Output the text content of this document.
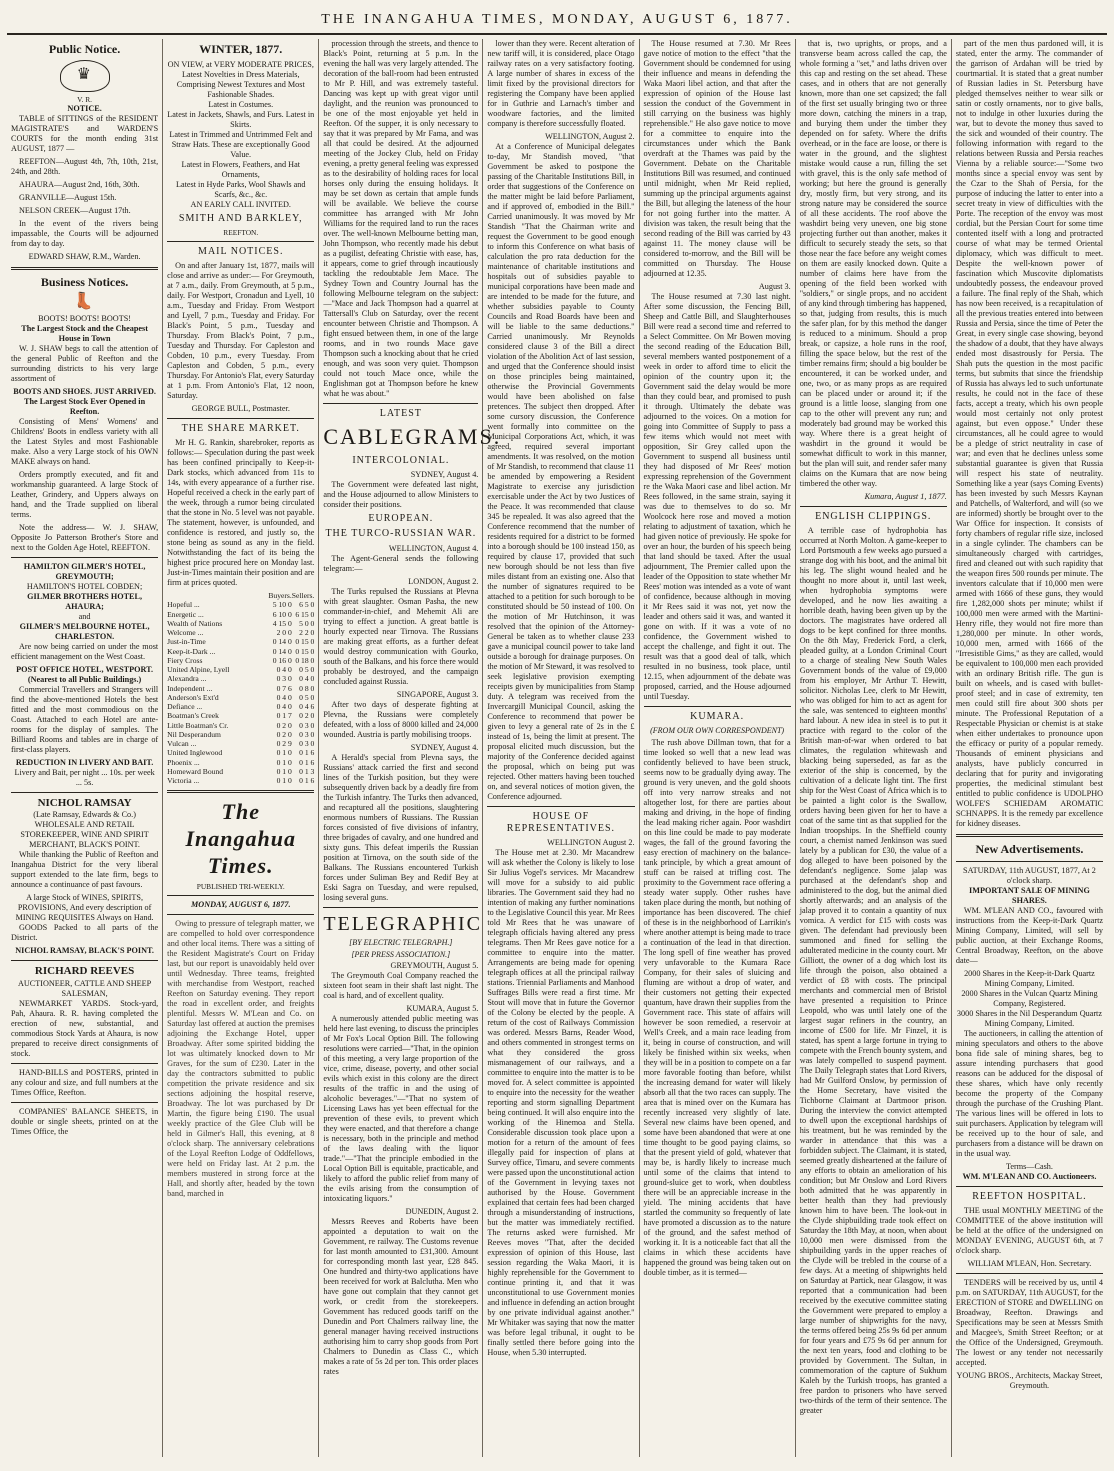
THE INANGAHUA TIMES, MONDAY, AUGUST 6, 1877.
Public Notice.
♛
V. R.
NOTICE.
TABLE of SITTINGS of the RESIDENT MAGISTRATE'S and WARDEN'S COURTS for the month ending 31st AUGUST, 1877 —
REEFTON—August 4th, 7th, 10th, 21st, 24th, and 28th.
AHAURA—August 2nd, 16th, 30th.
GRANVILLE—August 15th.
NELSON CREEK—August 17th.
In the event of the rivers being impassable, the Courts will be adjourned from day to day.
EDWARD SHAW, R.M., Warden.
Business Notices.
👢
BOOTS! BOOTS! BOOTS!
The Largest Stock and the Cheapest House in Town
W. J. SHAW begs to call the attention of the general Public of Reefton and the surrounding districts to his very large assortment of
BOOTS AND SHOES. JUST ARRIVED.
The Largest Stock Ever Opened in Reefton.
Consisting of Mens' Womens' and Childrens' Boots in endless variety with all the Latest Styles and most Fashionable make. Also a very Large stock of his OWN MAKE always on hand.
Orders promptly executed, and fit and workmanship guaranteed. A large Stock of Leather, Grindery, and Uppers always on hand, and the Trade supplied on liberal terms.
Note the address— W. J. SHAW, Opposite Jo Patterson Brother's Store and next to the Golden Age Hotel, REEFTON.
HAMILTON GILMER'S HOTEL, GREYMOUTH;
HAMILTON'S HOTEL COBDEN;
GILMER BROTHERS HOTEL, AHAURA;
and
GILMER'S MELBOURNE HOTEL, CHARLESTON.
Are now being carried on under the most efficient management on the West Coast.
POST OFFICE HOTEL, WESTPORT. (Nearest to all Public Buildings.)
Commercial Travellers and Strangers will find the above-mentioned Hotels the best fitted and the most commodious on the Coast. Attached to each Hotel are ante-rooms for the display of samples. The Billiard Rooms and tables are in charge of first-class players.
REDUCTION IN LIVERY AND BAIT.
Livery and Bait, per night ... 10s. per week ... 5s.
NICHOL RAMSAY
(Late Ramsay, Edwards & Co.) WHOLESALE AND RETAIL STOREKEEPER, WINE AND SPIRIT MERCHANT, BLACK'S POINT.
While thanking the Public of Reefton and Inangahua District for the very liberal support extended to the late firm, begs to announce a continuance of past favours.
A large Stock of WINES, SPIRITS, PROVISIONS, And every description of MINING REQUISITES Always on Hand.
GOODS Packed to all parts of the District.
NICHOL RAMSAY, BLACK'S POINT.
RICHARD REEVES
AUCTIONEER, CATTLE AND SHEEP SALESMAN,
NEWMARKET YARDS. Stock-yard, Pah, Ahaura. R. R. having completed the erection of new, substantial, and commodious Stock Yards at Ahaura, is now prepared to receive direct consignments of stock.
HAND-BILLS and POSTERS, printed in any colour and size, and full numbers at the Times Office, Reefton.
COMPANIES' BALANCE SHEETS, in double or single sheets, printed on at the Times Office, the
WINTER, 1877.
ON VIEW, at VERY MODERATE PRICES,
Latest Novelties in Dress Materials, Comprising Newest Textures and Most Fashionable Shades.
Latest in Costumes.
Latest in Jackets, Shawls, and Furs. Latest in Skirts.
Latest in Trimmed and Untrimmed Felt and Straw Hats. These are exceptionally Good Value.
Latest in Flowers, Feathers, and Hat Ornaments,
Latest in Hyde Parks, Wool Shawls and Scarfs, &c., &c.
AN EARLY CALL INVITED.
SMITH AND BARKLEY,
REEFTON.
MAIL NOTICES.
On and after January 1st, 1877, mails will close and arrive as under:— For Greymouth, at 7 a.m., daily. From Greymouth, at 5 p.m., daily. For Westport, Cronadun and Lyell, 10 a.m., Tuesday and Friday. From Westport and Lyell, 7 p.m., Tuesday and Friday. For Black's Point, 5 p.m., Tuesday and Thursday. From Black's Point, 7 p.m., Tuesday and Thursday. For Capleston and Cobden, 10 p.m., every Tuesday. From Capleston and Cobden, 5 p.m., every Thursday. For Antonio's Flat, every Saturday at 1 p.m. From Antonio's Flat, 12 noon, Saturday.
GEORGE BULL, Postmaster.
THE SHARE MARKET.
Mr H. G. Rankin, sharebroker, reports as follows:— Speculation during the past week has been confined principally to Keep-it-Dark stocks, which advanced from 11s to 14s, with every appearance of a further rise. Hopeful received a check in the early part of the week, through a rumor being circulated that the stone in No. 5 level was not payable. The statement, however, is unfounded, and confidence is restored, and justly so, the stone being as sound as any in the field. Notwithstanding the fact of its being the highest price procured here on Monday last. Just-in-Times maintain their position and are firm at prices quoted.
	Buyers.	Sellers.
Hopeful ...	5 10 0	6 5 0
Energetic ...	6 10 0	6 15 0
Wealth of Nations	4 15 0	5 0 0
Welcome ...	2 0 0	2 2 0
Just-in-Time	0 14 0	0 15 0
Keep-it-Dark ...	0 14 0	0 15 0
Fiery Cross	0 16 0	0 18 0
United Alpine, Lyell	0 4 0	0 5 0
Alexandra ...	0 3 0	0 4 0
Independent ...	0 7 6	0 8 0
Anderson's Ext'd	0 4 0	0 5 0
Defiance ...	0 4 0	0 4 6
Boatman's Creek	0 1 7	0 2 0
Little Boatman's Cr.	0 2 0	0 3 0
Nil Desperandum	0 2 0	0 3 0
Vulcan ...	0 2 9	0 3 0
United Inglewood	0 1 0	0 1 6
Phoenix ...	0 1 0	0 1 6
Homeward Bound	0 1 0	0 1 3
Victoria ...	0 1 0	0 1 6
The Inangahua Times.
PUBLISHED TRI-WEEKLY.
MONDAY, AUGUST 6, 1877.
Owing to pressure of telegraph matter, we are compelled to hold over correspondence and other local items. There was a sitting of the Resident Magistrate's Court on Friday last, but our report is unavoidably held over until Wednesday. Three teams, freighted with merchandise from Westport, reached Reefton on Saturday evening. They report the road in excellent order, and freights plentiful. Messrs W. M'Lean and Co. on Saturday last offered at auction the premises adjoining the Exchange Hotel, upper Broadway. After some spirited bidding the lot was ultimately knocked down to Mr Graves, for the sum of £230. Later in the day the contractors submitted to public competition the private residence and six sections adjoining the hospital reserve, Broadway. The lot was purchased by Dr Martin, the figure being £190. The usual weekly practice of the Glee Club will be held in Gilmer's Hall, this evening, at 8 o'clock sharp. The anniversary celebrations of the Loyal Reefton Lodge of Oddfellows, were held on Friday last. At 2 p.m. the members mustered in strong force at the Hall, and shortly after, headed by the town band, marched in
procession through the streets, and thence to Black's Point, returning at 5 p.m. In the evening the hall was very largely attended. The decoration of the ball-room had been entrusted to Mr P. Hill, and was extremely tasteful. Dancing was kept up with great vigor until daylight, and the reunion was pronounced to be one of the most enjoyable yet held in Reefton. Of the supper, it is only necessary to say that it was prepared by Mr Fama, and was all that could be desired. At the adjourned meeting of the Jockey Club, held on Friday evening, a pretty general feeling was expressed as to the desirability of holding races for local horses only during the ensuing holidays. It may be set down as certain that ample funds will be available. We believe the course committee has arranged with Mr John Williams for the required land to run the races over. The well-known Melbourne betting man, John Thompson, who recently made his debut as a pugilist, defeating Christie with ease, has, it appears, come to grief through incautiously tackling the redoubtable Jem Mace. The Sydney Town and Country Journal has the following Melbourne telegram on the subject:—"Mace and Jack Thompson had a quarrel at Tattersall's Club on Saturday, over the recent encounter between Christie and Thompson. A fight ensued between them, in one of the large rooms, and in two rounds Mace gave Thompson such a knocking about that he cried enough, and was soon very quiet. Thompson could not touch Mace once, while the Englishman got at Thompson before he knew what he was about."
LATEST
CABLEGRAMS.
INTERCOLONIAL.
SYDNEY, August 4.
The Government were defeated last night, and the House adjourned to allow Ministers to consider their positions.
EUROPEAN.
THE TURCO-RUSSIAN WAR.
WELLINGTON, August 4.
The Agent-General sends the following telegram:—
LONDON, August 2.
The Turks repulsed the Russians at Plevna with great slaughter. Osman Pasha, the new commander-in-chief, and Mehemit Ali are trying to effect a junction. A great battle is hourly expected near Tirnova. The Russians are making great efforts, as a further defeat would destroy communication with Gourko, south of the Balkans, and his force there would probably be destroyed, and the campaign concluded against Russia.
SINGAPORE, August 3.
After two days of desperate fighting at Plevna, the Russians were completely defeated, with a loss of 8000 killed and 24,000 wounded. Austria is partly mobilising troops.
SYDNEY, August 4.
A Herald's special from Plevna says, the Russians' attack carried the first and second lines of the Turkish position, but they were subsequently driven back by a deadly fire from the Turkish infantry. The Turks then advanced, and recaptured all the positions, slaughtering enormous numbers of Russians. The Russian forces consisted of five divisions of infantry, three brigades of cavalry, and one hundred and sixty guns. This defeat imperils the Russian position at Tirnova, on the south side of the Balkans. The Russians encountered Turkish forces under Suliman Bey and Redif Bey at Eski Sagra on Tuesday, and were repulsed, losing several guns.
TELEGRAPHIC
[BY ELECTRIC TELEGRAPH.]
[PER PRESS ASSOCIATION.]
GREYMOUTH, August 5.
The Greymouth Coal Company reached the sixteen foot seam in their shaft last night. The coal is hard, and of excellent quality.
KUMARA, August 5.
A numerously attended public meeting was held here last evening, to discuss the principles of Mr Fox's Local Option Bill. The following resolutions were carried—"That, in the opinion of this meeting, a very large proportion of the vice, crime, disease, poverty, and other social evils which exist in this colony are the direct results of the traffic in and the using of alcoholic beverages."—"That no system of Licensing Laws has yet been effectual for the prevention of these evils, to prevent which they were enacted, and that therefore a change is necessary, both in the principle and method of the laws dealing with the liquor trade."—"That the principle embodied in the Local Option Bill is equitable, practicable, and likely to afford the public relief from many of the evils arising from the consumption of intoxicating liquors."
DUNEDIN, August 2.
Messrs Reeves and Roberts have been appointed a deputation to wait on the Government, re railway. The Customs revenue for last month amounted to £31,300. Amount for corresponding month last year, £28 845. One hundred and thirty-two applications have been received for work at Balclutha. Men who have gone out complain that they cannot get work, or credit from the storekeepers. Government has reduced goods tariff on the Dunedin and Port Chalmers railway line, the general manager having received instructions authorising him to carry shop goods from Port Chalmers to Dunedin as Class C., which makes a rate of 5s 2d per ton. This order places rates
lower than they were. Recent alteration of new tariff will, it is considered, place Otago railway rates on a very satisfactory footing. A large number of shares in excess of the limit fixed by the provisional directors for registering the Company have been applied for in Guthrie and Larnach's timber and woodware factories, and the limited company is therefore successfully floated.
WELLINGTON, August 2.
At a Conference of Municipal delegates to-day, Mr Standish moved, "that Government be asked to postpone the passing of the Charitable Institutions Bill, in order that suggestions of the Conference on the matter might be laid before Parliament, and if approved of, embodied in the Bill." Carried unanimously. It was moved by Mr Standish "That the Chairman write and request the Government to be good enough to inform this Conference on what basis of calculation the pro rata deduction for the maintenance of charitable institutions and hospitals out of subsidies payable to municipal corporations have been made and are intended to be made for the future, and whether subsidies payable to County Councils and Road Boards have been and will be liable to the same deductions." Carried unanimously. Mr Reynolds considered clause 3 of the Bill a direct violation of the Abolition Act of last session, and urged that the Conference should insist on those principles being maintained, otherwise the Provincial Governments would have been abolished on false pretences. The subject then dropped. After some cursory discussion, the Conference went formally into committee on the Municipal Corporations Act, which, it was agreed, required several important amendments. It was resolved, on the motion of Mr Standish, to recommend that clause 11 be amended by empowering a Resident Magistrate to exercise any jurisdiction exercisable under the Act by two Justices of the Peace. It was recommended that clause 345 be repealed. It was also agreed that the Conference recommend that the number of residents required for a district to be formed into a borough should be 100 instead 150, as required by clause 17, provided that such new borough should be not less than five miles distant from an existing one. Also that the number of signatures required to be attached to a petition for such borough to be constituted should be 50 instead of 100. On the motion of Mr Hutchinson, it was resolved that the opinion of the Attorney-General be taken as to whether clause 233 gave a municipal council power to take land outside a borough for drainage purposes. On the motion of Mr Steward, it was resolved to seek legislative provision exempting receipts given by municipalities from Stamp duty. A telegram was received from the Invercargill Municipal Council, asking the Conference to recommend that power be given to levy a general rate of 2s in the £ instead of 1s, being the limit at present. The proposal elicited much discussion, but the majority of the Conference decided against the proposal, which on being put was rejected. Other matters having been touched on, and several notices of motion given, the Conference adjourned.
HOUSE OF REPRESENTATIVES.
WELLINGTON August 2.
The House met at 2.30. Mr Macandrew will ask whether the Colony is likely to lose Sir Julius Vogel's services. Mr Macandrew will move for a subsidy to aid public libraries. The Government said they had no intention of making any further nominations to the Legislative Council this year. Mr Rees told Mr Rees that he was unaware of telegraph officials having altered any press telegrams. Then Mr Rees gave notice for a committee to enquire into the matter. Arrangements are being made for opening telegraph offices at all the principal railway stations. Triennial Parliaments and Manhood Suffrages Bills were read a first time. Mr Stout will move that in future the Governor of the Colony be elected by the people. A return of the cost of Railways Commission was ordered. Messrs Barns, Reader Wood, and others commented in strongest terms on what they considered the gross mismanagement of our railways, and a committee to enquire into the matter is to be moved for. A select committee is appointed to enquire into the necessity for the weather reporting and storm signalling Department being continued. It will also enquire into the working of the Hinemoa and Stella. Considerable discussion took place upon a motion for a return of the amount of fees illegally paid for inspection of plans at Survey office, Timaru, and severe comments were passed upon the unconstitutional action of the Government in levying taxes not authorised by the House. Government explained that certain fees had been charged through a misunderstanding of instructions, but the matter was immediately rectified. The returns asked were furnished. Mr Reeves moves "That, after the decided expression of opinion of this House, last session regarding the Waka Maori, it is highly reprehensible for the Government to continue printing it, and that it was unconstitutional to use Government monies and influence in defending an action brought by one private individual against another." Mr Whitaker was saying that now the matter was before legal tribunal, it ought to be finally settled there before going into the House, when 5.30 interrupted.
The House resumed at 7.30. Mr Rees gave notice of motion to the effect "that the Government should be condemned for using their influence and means in defending the Waka Maori libel action, and that after the expression of opinion of the House last session the conduct of the Government in still carrying on the business was highly reprehensible." He also gave notice to move for a committee to enquire into the circumstances under which the Bank overdraft at the Thames was paid by the Government. Debate on the Charitable Institutions Bill was resumed, and continued until midnight, when Mr Reid replied, summing up the principal arguments against the Bill, but alleging the lateness of the hour for not going further into the matter. A division was taken, the result being that the second reading of the Bill was carried by 43 against 11. The money clause will be considered to-morrow, and the Bill will be committed on Thursday. The House adjourned at 12.35.
August 3.
The House resumed at 7.30 last night. After some discussion, the Fencing Bill, Sheep and Cattle Bill, and Slaughterhouses Bill were read a second time and referred to a Select Committee. On Mr Bowen moving the second reading of the Education Bill, several members wanted postponement of a week in order to afford time to elicit the opinion of the country upon it; the Government said the delay would be more than they could bear, and promised to push it through. Ultimately the debate was adjourned to the voices. On a motion for going into Committee of Supply to pass a few items which would not meet with opposition, Sir Grey called upon the Government to suspend all business until they had disposed of Mr Rees' motion expressing reprehension of the Government re the Waka Maori case and libel action. Mr Rees followed, in the same strain, saying it was due to themselves to do so. Mr Woolcock here rose and moved a motion relating to adjustment of taxation, which he had given notice of previously. He spoke for over an hour, the burden of his speech being that land should be taxed. After the usual adjournment, The Premier called upon the leader of the Opposition to state whether Mr Rees' motion was intended as a vote of want of confidence, because although in moving it Mr Rees said it was not, yet now the leader and others said it was, and wanted it gone on with. If it was a vote of no confidence, the Government wished to accept the challenge, and fight it out. The result was that a good deal of talk, which resulted in no business, took place, until 12.15, when adjournment of the debate was proposed, carried, and the House adjourned until Tuesday.
KUMARA.
(FROM OUR OWN CORRESPONDENT)
The rush above Dillman town, that for a time looked so well that a new lead was confidently believed to have been struck, seems now to be gradually dying away. The ground is very uneven, and the gold shoots off into very narrow streaks and not altogether lost, for there are parties about making and driving, in the hope of finding the lead making richer again. Poor washdirt on this line could be made to pay moderate wages, the fall of the ground favoring the easy erection of machinery on the balance-tank principle, by which a great amount of stuff can be raised at trifling cost. The proximity to the Government race offering a steady water supply. Other rushes have taken place during the month, but nothing of importance has been discovered. The chief of these is in the neighborhood of Larrikin's where another attempt is being made to trace a continuation of the lead in that direction. The long spell of fine weather has proved very unfavorable to the Kumara Race Company, for their sales of sluicing and fluming are without a drop of water, and their customers not getting their expected quantum, have drawn their supplies from the Government race. This state of affairs will however be soon remedied, a reservoir at Well's Creek, and a main race leading from it, being in course of construction, and will likely be finished within six weeks, when they will be in a position to compete on a far more favorable footing than before, whilst the increasing demand for water will likely absorb all that the two races can supply. The area that is mined over on the Kumara has recently increased very slightly of late. Several new claims have been opened, and some have been abandoned that were at one time thought to be good paying claims, so that the present yield of gold, whatever that may be, is hardly likely to increase much until some of the claims that intend to ground-sluice get to work, when doubtless there will be an appreciable increase in the yield. The mining accidents that have startled the community so frequently of late have promoted a discussion as to the nature of the ground, and the safest method of working it. It is a noticeable fact that all the claims in which these accidents have happened the ground was being taken out on double timber, as it is termed—
that is, two uprights, or props, and a transverse beam across called the cap, the whole forming a "set," and laths driven over this cap and resting on the set ahead. These cases, and in others that are not generally known, more than one set capsized; the fall of the first set usually bringing two or three more down, catching the miners in a trap, and burying them under the timber they depended on for safety. Where the drifts overhead, or in the face are loose, or there is water in the ground, and the slightest mistake would cause a run, filling the set with gravel, this is the only safe method of working; but here the ground is generally dry, mostly firm, but very strong, and its strong nature may be considered the source of all these accidents. The roof above the washdirt being very uneven, one big stone projecting further out than another, makes it difficult to securely steady the sets, so that those near the face before any weight comes on them are easily knocked down. Quite a number of claims here have from the opening of the field been worked with "soldiers," or single props, and no accident of any kind through timbering has happened, so that, judging from results, this is much the safer plan, for by this method the danger is reduced to a minimum. Should a prop break, or capsize, a hole runs in the roof, filling the space below, but the rest of the timber remains firm; should a big boulder be encountered, it can be worked under, and one, two, or as many props as are required can be placed under or around it; if the ground is a little loose, slanging from one cap to the other will prevent any run; and moderately bad ground may be worked this way. Where there is a great height of washdirt in the ground it would be somewhat difficult to work in this manner, but the plan will suit, and render safer many claims on the Kumara that are now being timbered the other way.
Kumara, August 1, 1877.
ENGLISH CLIPPINGS.
A terrible case of hydrophobia has occurred at North Molton. A game-keeper to Lord Portsmouth a few weeks ago pursued a strange dog with his boot, and the animal bit his leg. The slight wound healed and he thought no more about it, until last week, when hydrophobia symptoms were developed, and he now lies awaiting a horrible death, having been given up by the doctors. The magistrates have ordered all dogs to be kept confined for three months. On the 8th May, Frederick Ford, a clerk, pleaded guilty, at a London Criminal Court to a charge of stealing New South Wales Government bonds of the value of £9,000 from his employer, Mr Arthur T. Hewitt, solicitor. Nicholas Lee, clerk to Mr Hewitt, who was obliged for him to act as agent for the sale, was sentenced to eighteen months' hard labour. A new idea in steel is to put it practice with regard to the color of the British man-of-war when ordered to bat climates, the regulation whitewash and blacking being superseded, as far as the exterior of the ship is concerned, by the cultivation of a delicate light tint. The first ship for the West Coast of Africa which is to be painted a light color is the Swallow, orders having been given for her to have a coat of the same tint as that supplied for the Indian troopships. In the Sheffield county court, a chemist named Jenkinson was sued lately by a publican for £30, the value of a dog alleged to have been poisoned by the defendant's negligence. Some jalap was purchased at the defendant's shop and administered to the dog, but the animal died shortly afterwards; and an analysis of the jalap proved it to contain a quantity of nux vomica. A verdict for £15 with costs was given. The defendant had previously been summoned and fined for selling the adulterated medicine in the county court. Mr Gilliott, the owner of a dog which lost its life through the poison, also obtained a verdict of £8 with costs. The principal merchants and commercial men of Bristol have presented a requisition to Prince Leopold, who was until lately one of the largest sugar refiners in the country, an income of £500 for life. Mr Finzel, it is stated, has spent a large fortune in trying to compete with the French bounty system, and was lately compelled to suspend payment. The Daily Telegraph states that Lord Rivers, had Mr Guilford Onslow, by permission of the Home Secretary, have visited the Tichborne Claimant at Dartmoor prison. During the interview the convict attempted to dwell upon the exceptional hardships of his treatment, but he was reminded by the warder in attendance that this was a forbidden subject. The Claimant, it is stated, seemed greatly disheartened at the failure of any efforts to obtain an amelioration of his condition; but Mr Onslow and Lord Rivers both admitted that he was apparently in better health than they had previously known him to have been. The look-out in the Clyde shipbuilding trade took effect on Saturday the 18th May, at noon, when about 10,000 men were dismissed from the shipbuilding yards in the upper reaches of the Clyde will be trebled in the course of a few days. At a meeting of shipwrights held on Saturday at Partick, near Glasgow, it was reported that a communication had been received by the executive committee stating the Government were prepared to employ a large number of shipwrights for the navy, the terms offered being 25s 9s 6d per annum for four years and £75 9s 6d per annum for the next ten years, food and clothing to be provided by Government. The Sultan, in commemoration of the capture of Sukhum Kaleh by the Turkish troops, has granted a free pardon to prisoners who have served two-thirds of the term of their sentence. The greater
part of the men thus pardoned will, it is stated, enter the army. The commander of the garrison of Ardahan will be tried by courtmartial. It is stated that a great number of Russian ladies in St. Petersburg have pledged themselves neither to wear silk or satin or costly ornaments, nor to give balls, not to indulge in other luxuries during the war, but to devote the money thus saved to the sick and wounded of their country. The following information with regard to the relations between Russia and Persia reaches Vienna by a reliable source:—"Some two months since a special envoy was sent by the Czar to the Shah of Persia, for the purpose of inducing the latter to enter into a secret treaty in view of difficulties with the Porte. The reception of the envoy was most cordial, but the Persian Court for some time contented itself with a long and protracted course of what may be termed Oriental diplomacy, which was difficult to meet. Despite the well-known power of fascination which Muscovite diplomatists undoubtedly possess, the endeavour proved a failure. The final reply of the Shah, which has now been received, is a recapitulation of all the previous treaties entered into between Russia and Persia, since the time of Peter the Great, in every single case showing, beyond the shadow of a doubt, that they have always ended most disastrously for Persia. The Shah puts the question in the most pacific terms, but submits that since the friendship of Russia has always led to such unfortunate results, he could not in the face of these facts, accept a treaty, which his own people would most certainly not only protest against, but even oppose." Under these circumstances, all he could agree to would be a pledge of strict neutrality in case of war; and even that he declines unless some substantial guarantee is given that Russia will respect his state of neutrality. Something like a year (says Coming Events) has been invested by such Messrs Kaynan and Patchells, of Walterford, and will (so we are informed) shortly be brought over to the War Office for inspection. It consists of forty chambers of regular rifle size, inclosed in a single cylinder. The chambers can be simultaneously charged with cartridges, fired and cleaned out with such rapidity that the weapon fires 500 rounds per minute. The inventors calculate that if 10,000 men were armed with 1666 of these guns, they would fire 1,282,000 shots per minute; whilst if 100,000 men were armed with the Martini-Henry rifle, they would not fire more than 1,280,000 per minute. In other words, 10,000 men, armed with 1666 of the "Irresistible Gims," as they are called, would be equivalent to 100,000 men each provided with an ordinary British rifle. The gun is built on wheels, and is cased with bullet-proof steel; and in case of extremity, ten men could still fire about 300 shots per minute. The Professional Reputation of a Respectable Physician or chemist is at stake when either undertakes to pronounce upon the efficacy or purity of a popular remedy. Thousands of eminent physicians and analysts, have publicly concurred in declaring that for purity and invigorating properties, the medicinal stimulant best entitled to public confidence is UDOLPHO WOLFE'S SCHIEDAM AROMATIC SCHNAPPS. It is the remedy par excellence for kidney diseases.
New Advertisements.
SATURDAY, 11th AUGUST, 1877, At 2 o'clock sharp.
IMPORTANT SALE OF MINING SHARES.
WM. M'LEAN AND CO., favoured with instructions from the Keep-it-Dark Quartz Mining Company, Limited, will sell by public auction, at their Exchange Rooms, Central Broadway, Reefton, on the above date—
2000 Shares in the Keep-it-Dark Quartz Mining Company, Limited.
2000 Shares in the Vulcan Quartz Mining Company, Registered.
3000 Shares in the Nil Desperandum Quartz Mining Company, Limited.
The auctioneers, in calling the attention of mining speculators and others to the above bona fide sale of mining shares, beg to assure intending purchasers that good reasons can be adduced for the disposal of these shares, which have only recently become the property of the Company through the purchase of the Crushing Plant. The various lines will be offered in lots to suit purchasers. Application by telegram will be received up to the hour of sale, and purchasers from a distance will be drawn on in the usual way.
Terms—Cash.
WM. M'LEAN AND CO. Auctioneers.
REEFTON HOSPITAL.
THE usual MONTHLY MEETING of the COMMITTEE of the above institution will be held at the office of the undersigned on MONDAY EVENING, AUGUST 6th, at 7 o'clock sharp.
WILLIAM M'LEAN, Hon. Secretary.
TENDERS will be received by us, until 4 p.m. on SATURDAY, 11th AUGUST, for the ERECTION of STORE and DWELLING on Broadway, Reefton. Drawings and Specifications may be seen at Messrs Smith and Macgee's, Smith Street Reefton; or at the Office of the Undersigned, Greymouth. The lowest or any tender not necessarily accepted.
YOUNG BROS., Architects, Mackay Street, Greymouth.
